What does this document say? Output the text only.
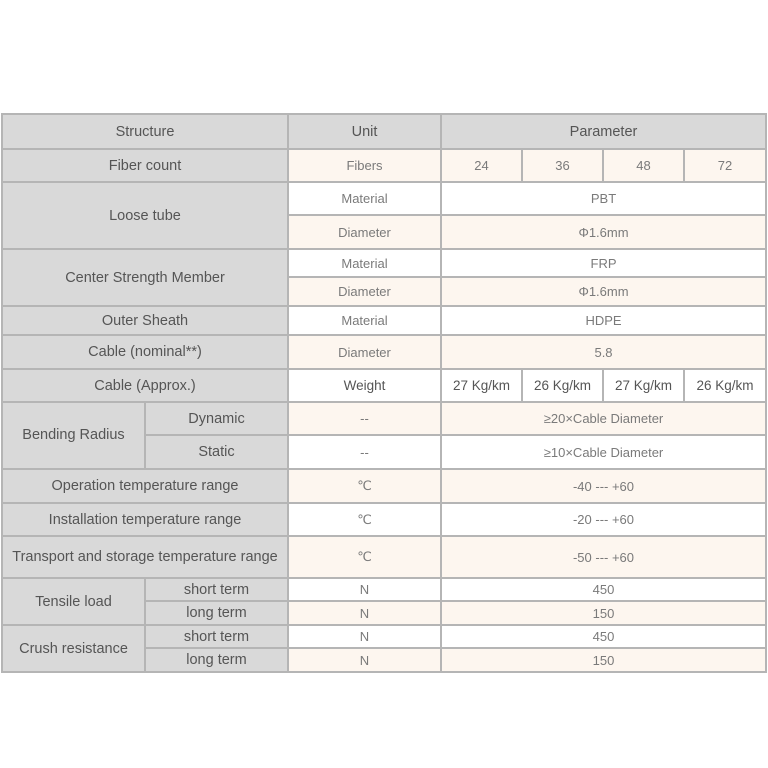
Structure		Unit	Parameter			
Fiber count		Fibers	24	36	48	72
Loose tube		Material	PBT			
		Diameter	Φ1.6mm			
Center Strength Member		Material	FRP			
		Diameter	Φ1.6mm			
Outer Sheath		Material	HDPE			
Cable (nominal**)		Diameter	5.8			
Cable (Approx.)		Weight	27 Kg/km	26 Kg/km	27 Kg/km	26 Kg/km
Bending Radius	Dynamic	--	≥20×Cable Diameter			
	Static	--	≥10×Cable Diameter			
Operation temperature range		℃	-40 --- +60			
Installation temperature range		℃	-20 --- +60			
Transport and storage temperature range		℃	-50 --- +60			
Tensile load	short term	N	450			
	long term	N	150			
Crush resistance	short term	N	450			
	long term	N	150			
